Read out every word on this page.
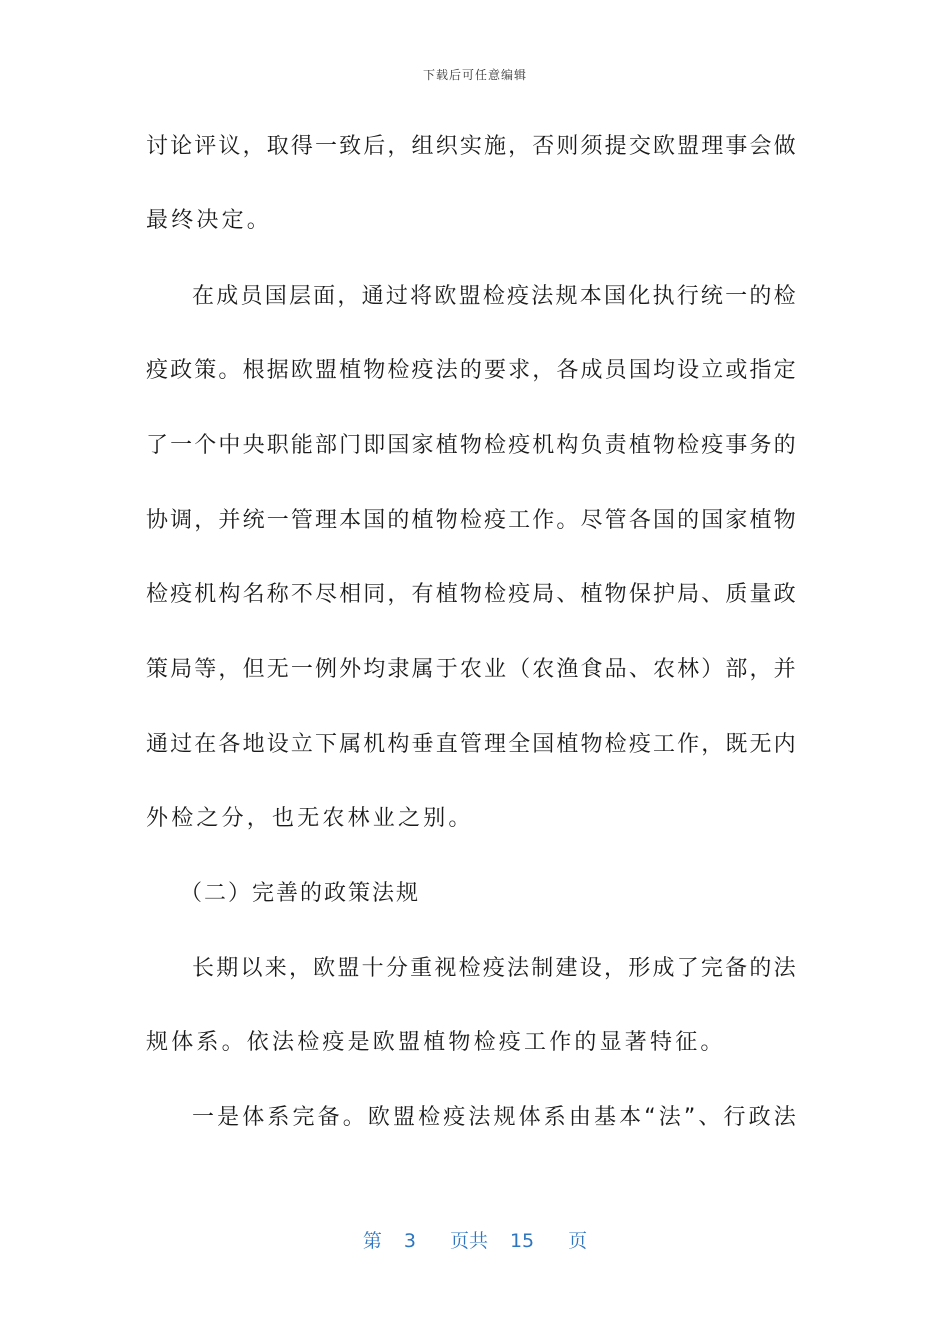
下载后可任意编辑
讨 论 评 议 ， 取 得 一 致 后 ， 组 织 实 施 ， 否 则 须 提 交 欧 盟 理 事 会 做
最终决定。
在 成 员 国 层 面 ， 通 过 将 欧 盟 检 疫 法 规 本 国 化 执 行 统 一 的 检
疫 政 策 。 根 据 欧 盟 植 物 检 疫 法 的 要 求 ， 各 成 员 国 均 设 立 或 指 定
了 一 个 中 央 职 能 部 门 即 国 家 植 物 检 疫 机 构 负 责 植 物 检 疫 事 务 的
协 调 ， 并 统 一 管 理 本 国 的 植 物 检 疫 工 作 。 尽 管 各 国 的 国 家 植 物
检 疫 机 构 名 称 不 尽 相 同 ， 有 植 物 检 疫 局 、 植 物 保 护 局 、 质 量 政
策 局 等 ， 但 无 一 例 外 均 隶 属 于 农 业 （ 农 渔 食 品 、 农 林 ） 部 ， 并
通 过 在 各 地 设 立 下 属 机 构 垂 直 管 理 全 国 植 物 检 疫 工 作 ， 既 无 内
外检之分，也无农林业之别。
（二）完善的政策法规
长 期 以 来 ， 欧 盟 十 分 重 视 检 疫 法 制 建 设 ， 形 成 了 完 备 的 法
规体系。依法检疫是欧盟植物检疫工作的显著特征。
一 是 体 系 完 备 。 欧 盟 检 疫 法 规 体 系 由 基 本 “ 法 ” 、 行 政 法
第 3 页共 15 页
